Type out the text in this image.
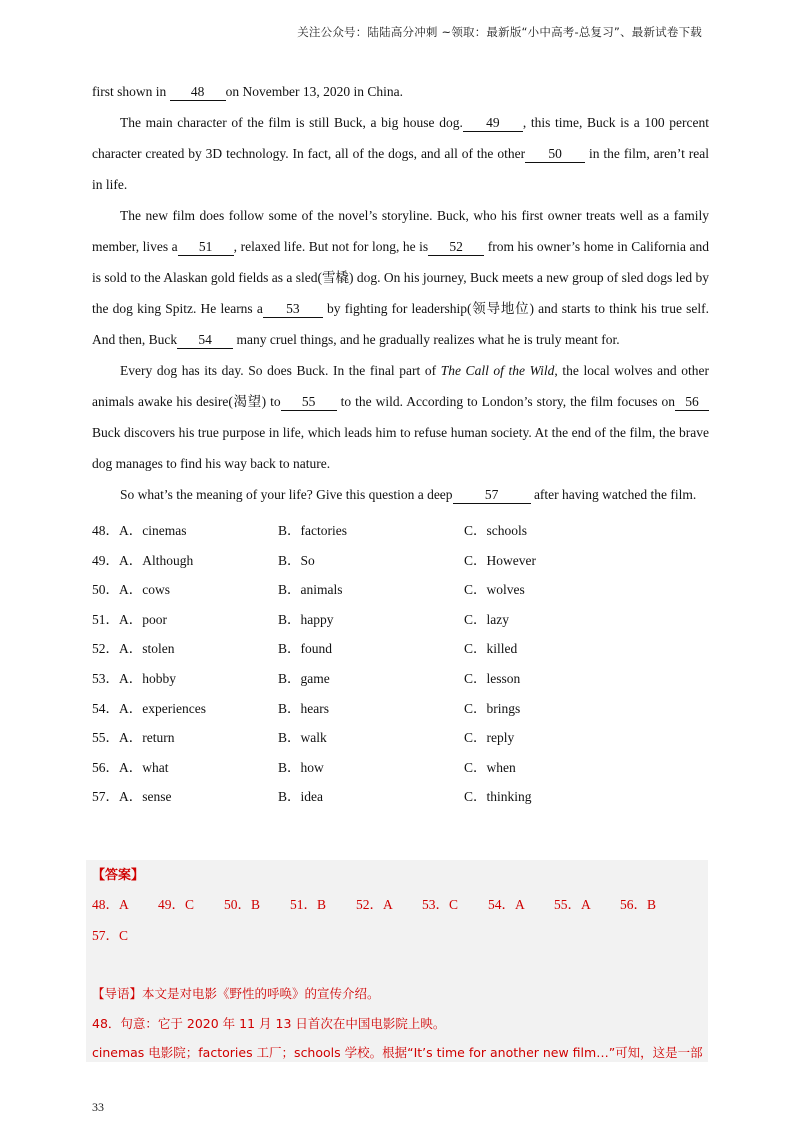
关注公众号：陆陆高分冲刺 ~领取：最新版“小中高考-总复习”、最新试卷下载
first shown in 48 on November 13, 2020 in China.
The main character of the film is still Buck, a big house dog. 49 , this time, Buck is a 100 percent character created by 3D technology. In fact, all of the dogs, and all of the other 50 in the film, aren’t real in life.
The new film does follow some of the novel’s storyline. Buck, who his first owner treats well as a family member, lives a 51 , relaxed life. But not for long, he is 52 from his owner’s home in California and is sold to the Alaskan gold fields as a sled(雪橇) dog. On his journey, Buck meets a new group of sled dogs led by the dog king Spitz. He learns a 53 by fighting for leadership(领导地位) and starts to think his true self. And then, Buck 54 many cruel things, and he gradually realizes what he is truly meant for.
Every dog has its day. So does Buck. In the final part of The Call of the Wild, the local wolves and other animals awake his desire(渴望) to 55 to the wild. According to London’s story, the film focuses on 56 Buck discovers his true purpose in life, which leads him to refuse human society. At the end of the film, the brave dog manages to find his way back to nature.
So what’s the meaning of your life? Give this question a deep 57	after having watched the film.
48．A．cinemas	B．factories	C．schools
49．A．Although	B．So	C．However
50．A．cows	B．animals	C．wolves
51．A．poor	B．happy	C．lazy
52．A．stolen	B．found	C．killed
53．A．hobby	B．game	C．lesson
54．A．experiences	B．hears	C．brings
55．A．return	B．walk	C．reply
56．A．what	B．how	C．when
57．A．sense	B．idea	C．thinking
【答案】
48．A 49．C 50．B 51．B 52．A 53．C 54．A 55．A 56．B
57．C
【导语】本文是对电影《野性的呼唤》的宣传介绍。
48．句意：它于 2020 年 11 月 13 日首次在中国电影院上映。
cinemas 电影院；factories 工厂；schools 学校。根据“It’s time for another new film…”可知，这是一部
33
